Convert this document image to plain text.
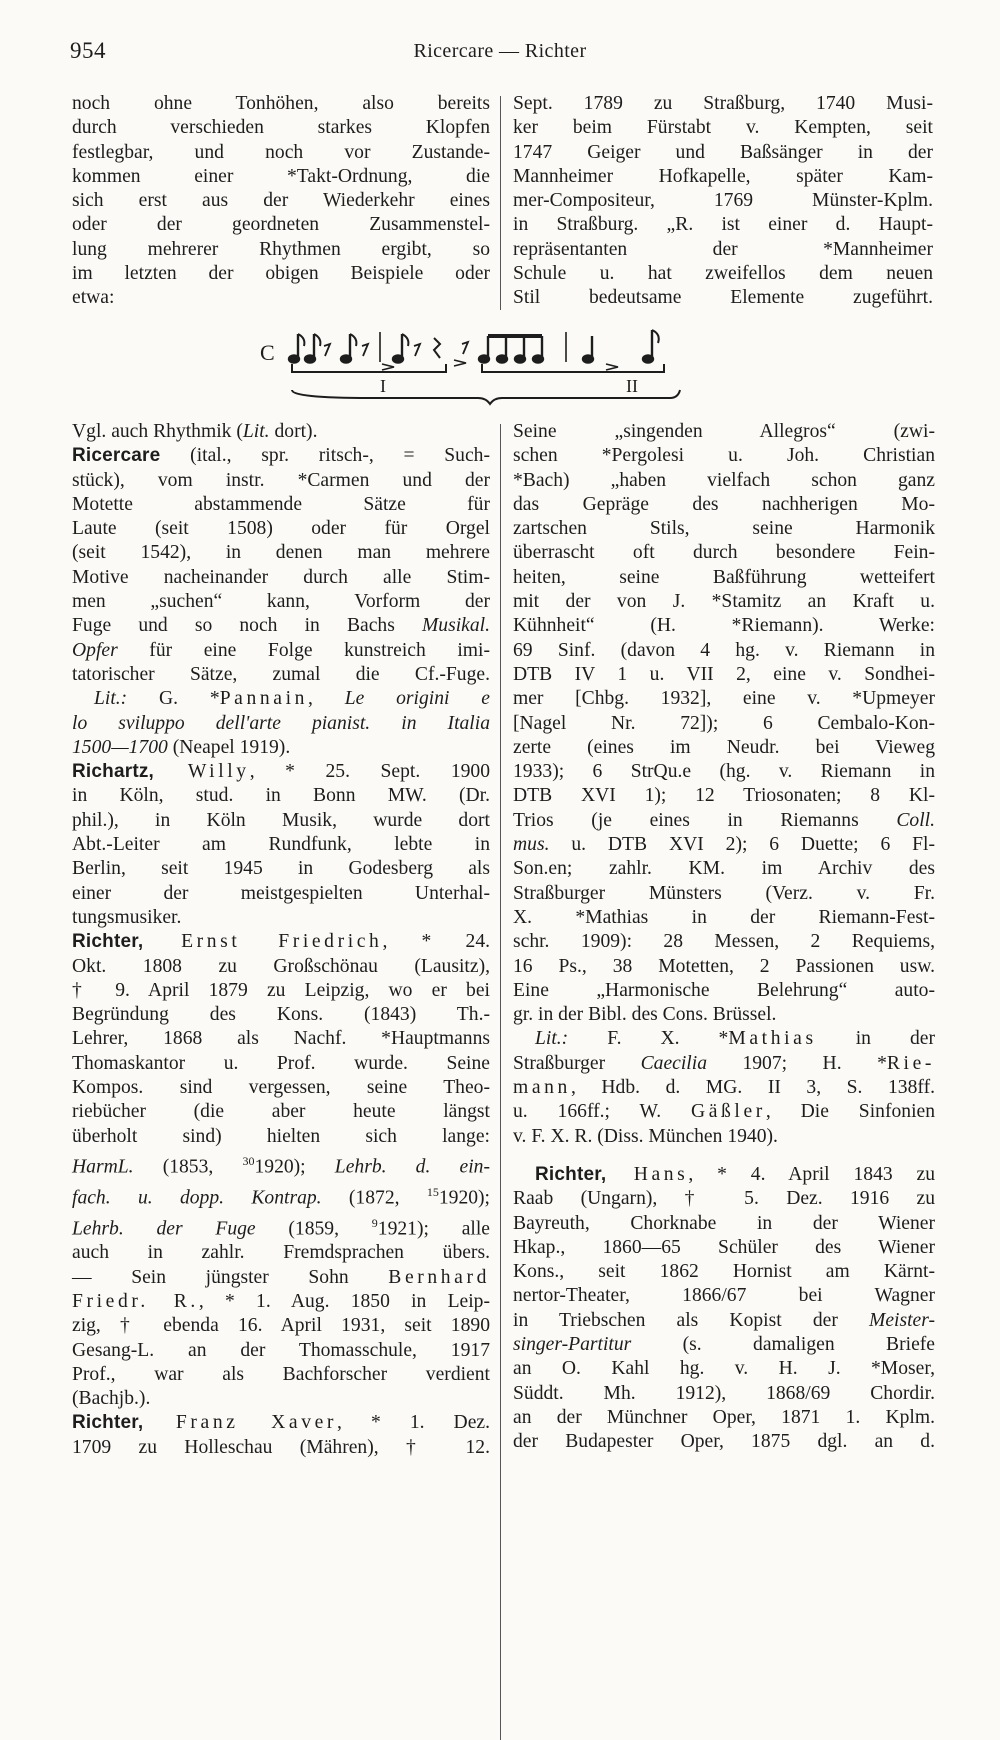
954	Ricercare — Richter
noch ohne Tonhöhen, also bereits
durch verschieden starkes Klopfen
festlegbar, und noch vor Zustande-
kommen einer *Takt-Ordnung, die
sich erst aus der Wiederkehr eines
oder der geordneten Zusammenstel-
lung mehrerer Rhythmen ergibt, so
im letzten der obigen Beispiele oder
etwa:
Sept. 1789 zu Straßburg, 1740 Musi-
ker beim Fürstabt v. Kempten, seit
1747 Geiger und Baßsänger in der
Mannheimer Hofkapelle, später Kam-
mer-Compositeur, 1769 Münster-Kplm.
in Straßburg. „R. ist einer d. Haupt-
repräsentanten der *Mannheimer
Schule u. hat zweifellos dem neuen
Stil bedeutsame Elemente zugeführt.
C
I	II
Vgl. auch Rhythmik (Lit. dort).
Ricercare (ital., spr. ritsch-, = Such-
stück), vom instr. *Carmen und der
Motette abstammende Sätze für
Laute (seit 1508) oder für Orgel
(seit 1542), in denen man mehrere
Motive nacheinander durch alle Stim-
men „suchen“ kann, Vorform der
Fuge und so noch in Bachs Musikal.
Opfer für eine Folge kunstreich imi-
tatorischer Sätze, zumal die Cf.-Fuge.
Lit.: G. *Pannain, Le origini e
lo sviluppo dell'arte pianist. in Italia
1500—1700 (Neapel 1919).
Richartz, Willy, * 25. Sept. 1900
in Köln, stud. in Bonn MW. (Dr.
phil.), in Köln Musik, wurde dort
Abt.-Leiter am Rundfunk, lebte in
Berlin, seit 1945 in Godesberg als
einer der meistgespielten Unterhal-
tungsmusiker.
Richter, Ernst Friedrich, * 24.
Okt. 1808 zu Großschönau (Lausitz),
† 9. April 1879 zu Leipzig, wo er bei
Begründung des Kons. (1843) Th.-
Lehrer, 1868 als Nachf. *Hauptmanns
Thomaskantor u. Prof. wurde. Seine
Kompos. sind vergessen, seine Theo-
riebücher (die aber heute längst
überholt sind) hielten sich lange:
HarmL. (1853, $^{30}$1920); Lehrb. d. ein-
fach. u. dopp. Kontrap. (1872, $^{15}$1920);
Lehrb. der Fuge (1859, $^9$1921); alle
auch in zahlr. Fremdsprachen übers.
— Sein jüngster Sohn Bernhard
Friedr. R., * 1. Aug. 1850 in Leip-
zig, † ebenda 16. April 1931, seit 1890
Gesang-L. an der Thomasschule, 1917
Prof., war als Bachforscher verdient
(Bachjb.).
Richter, Franz Xaver, * 1. Dez.
1709 zu Holleschau (Mähren), † 12.
Seine „singenden Allegros“ (zwi-
schen *Pergolesi u. Joh. Christian
*Bach) „haben vielfach schon ganz
das Gepräge des nachherigen Mo-
zartschen Stils, seine Harmonik
überrascht oft durch besondere Fein-
heiten, seine Baßführung wetteifert
mit der von J. *Stamitz an Kraft u.
Kühnheit“ (H. *Riemann). Werke:
69 Sinf. (davon 4 hg. v. Riemann in
DTB IV 1 u. VII 2, eine v. Sondhei-
mer [Chbg. 1932], eine v. *Upmeyer
[Nagel Nr. 72]); 6 Cembalo-Kon-
zerte (eines im Neudr. bei Vieweg
1933); 6 StrQu.e (hg. v. Riemann in
DTB XVI 1); 12 Triosonaten; 8 Kl-
Trios (je eines in Riemanns Coll.
mus. u. DTB XVI 2); 6 Duette; 6 Fl-
Son.en; zahlr. KM. im Archiv des
Straßburger Münsters (Verz. v. Fr.
X. *Mathias in der Riemann-Fest-
schr. 1909): 28 Messen, 2 Requiems,
16 Ps., 38 Motetten, 2 Passionen usw.
Eine „Harmonische Belehrung“ auto-
gr. in der Bibl. des Cons. Brüssel.
Lit.: F. X. *Mathias in der
Straßburger Caecilia 1907; H. *Rie-
mann, Hdb. d. MG. II 3, S. 138ff.
u. 166ff.; W. Gäßler, Die Sinfonien
v. F. X. R. (Diss. München 1940).
Richter, Hans, * 4. April 1843 zu
Raab (Ungarn), † 5. Dez. 1916 zu
Bayreuth, Chorknabe in der Wiener
Hkap., 1860—65 Schüler des Wiener
Kons., seit 1862 Hornist am Kärnt-
nertor-Theater, 1866/67 bei Wagner
in Triebschen als Kopist der Meister-
singer-Partitur (s. damaligen Briefe
an O. Kahl hg. v. H. J. *Moser,
Süddt. Mh. 1912), 1868/69 Chordir.
an der Münchner Oper, 1871 1. Kplm.
der Budapester Oper, 1875 dgl. an d.
